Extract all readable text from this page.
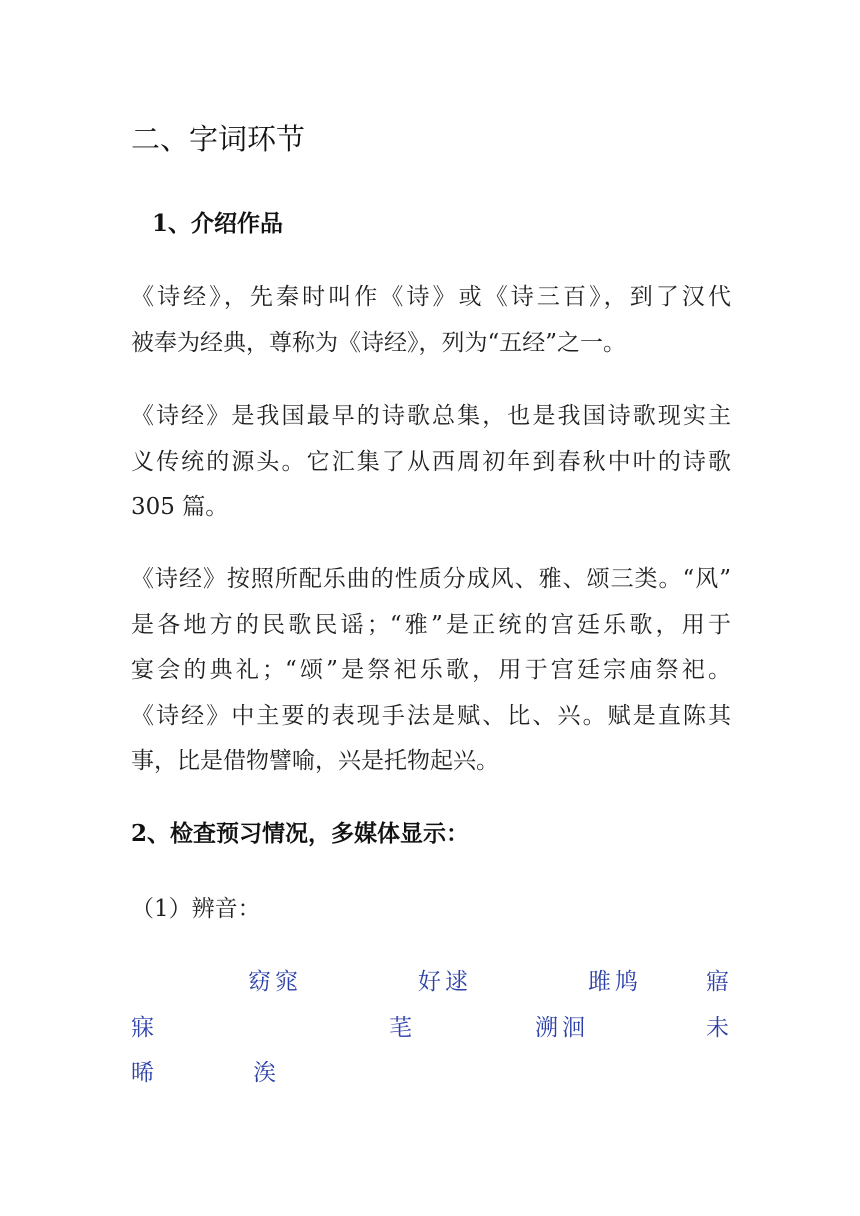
二、字词环节
1、介绍作品
《诗经》，先秦时叫作《诗》或《诗三百》，到了汉代
被奉为经典，尊称为《诗经》，列为“五经”之一。
《诗经》是我国最早的诗歌总集，也是我国诗歌现实主
义传统的源头。它汇集了从西周初年到春秋中叶的诗歌
305 篇。
《诗经》按照所配乐曲的性质分成风、雅、颂三类。“风”
是各地方的民歌民谣；“雅”是正统的宫廷乐歌，用于
宴会的典礼；“颂”是祭祀乐歌，用于宫廷宗庙祭祀。
《诗经》中主要的表现手法是赋、比、兴。赋是直陈其
事，比是借物譬喻，兴是托物起兴。
2、检查预习情况，多媒体显示：
（1）辨音：
窈窕	好逑	雎鸠	寤
寐	芼	溯洄	未
晞	涘
